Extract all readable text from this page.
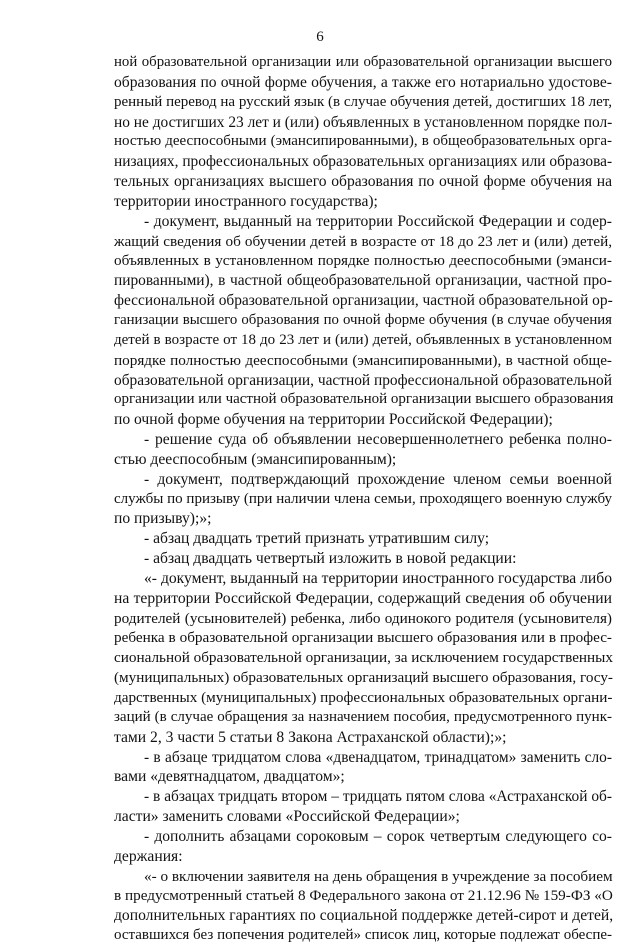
6
ной образовательной организации или образовательной организации высшего
образования по очной форме обучения, а также его нотариально удостове-
ренный перевод на русский язык (в случае обучения детей, достигших 18 лет,
но не достигших 23 лет и (или) объявленных в установленном порядке пол-
ностью дееспособными (эмансипированными), в общеобразовательных орга-
низациях, профессиональных образовательных организациях или образова-
тельных организациях высшего образования по очной форме обучения на
территории иностранного государства);
- документ, выданный на территории Российской Федерации и содер-
жащий сведения об обучении детей в возрасте от 18 до 23 лет и (или) детей,
объявленных в установленном порядке полностью дееспособными (эманси-
пированными), в частной общеобразовательной организации, частной про-
фессиональной образовательной организации, частной образовательной ор-
ганизации высшего образования по очной форме обучения (в случае обучения
детей в возрасте от 18 до 23 лет и (или) детей, объявленных в установленном
порядке полностью дееспособными (эмансипированными), в частной обще-
образовательной организации, частной профессиональной образовательной
организации или частной образовательной организации высшего образования
по очной форме обучения на территории Российской Федерации);
- решение суда об объявлении несовершеннолетнего ребенка полно-
стью дееспособным (эмансипированным);
- документ, подтверждающий прохождение членом семьи военной
службы по призыву (при наличии члена семьи, проходящего военную службу
по призыву);»;
- абзац двадцать третий признать утратившим силу;
- абзац двадцать четвертый изложить в новой редакции:
«- документ, выданный на территории иностранного государства либо
на территории Российской Федерации, содержащий сведения об обучении
родителей (усыновителей) ребенка, либо одинокого родителя (усыновителя)
ребенка в образовательной организации высшего образования или в профес-
сиональной образовательной организации, за исключением государственных
(муниципальных) образовательных организаций высшего образования, госу-
дарственных (муниципальных) профессиональных образовательных органи-
заций (в случае обращения за назначением пособия, предусмотренного пунк-
тами 2, 3 части 5 статьи 8 Закона Астраханской области);»;
- в абзаце тридцатом слова «двенадцатом, тринадцатом» заменить сло-
вами «девятнадцатом, двадцатом»;
- в абзацах тридцать втором – тридцать пятом слова «Астраханской об-
ласти» заменить словами «Российской Федерации»;
- дополнить абзацами сороковым – сорок четвертым следующего со-
держания:
«- о включении заявителя на день обращения в учреждение за пособием
в предусмотренный статьей 8 Федерального закона от 21.12.96 № 159-ФЗ «О
дополнительных гарантиях по социальной поддержке детей-сирот и детей,
оставшихся без попечения родителей» список лиц, которые подлежат обеспе-
